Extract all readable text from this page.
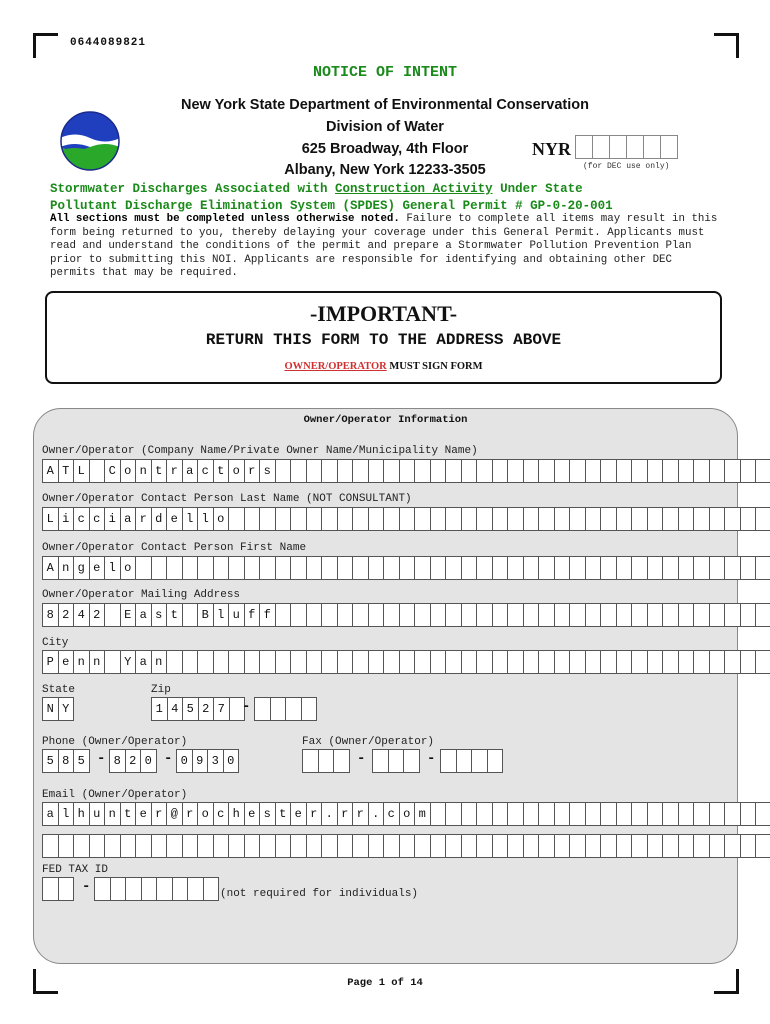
0644089821
NOTICE OF INTENT
New York State Department of Environmental Conservation
Division of Water
625 Broadway, 4th Floor
Albany, New York 12233-3505
NYR
(for DEC use only)
Stormwater Discharges Associated with Construction Activity Under State
Pollutant Discharge Elimination System (SPDES) General Permit # GP-0-20-001
All sections must be completed unless otherwise noted. Failure to complete all items may result in this form being returned to you, thereby delaying your coverage under this General Permit. Applicants must read and understand the conditions of the permit and prepare a Stormwater Pollution Prevention Plan prior to submitting this NOI. Applicants are responsible for identifying and obtaining other DEC permits that may be required.
-IMPORTANT-
RETURN THIS FORM TO THE ADDRESS ABOVE
OWNER/OPERATOR MUST SIGN FORM
Owner/Operator Information
Owner/Operator (Company Name/Private Owner Name/Municipality Name)
A T L	C o n t r a c t o r s
Owner/Operator Contact Person Last Name (NOT CONSULTANT)
L i c c i a r d e l l o
Owner/Operator Contact Person First Name
A n g e l o
Owner/Operator Mailing Address
8 2 4 2	E a s t	B l u f f
City
P e n n	Y a n
State
N Y
Zip
1 4 5 2 7	-
Phone (Owner/Operator)
5 8 5 - 8 2 0 - 0 9 3 0
Fax (Owner/Operator)
-	-
Email (Owner/Operator)
a l h u n t e r @ r o c h e s t e r . r r . c o m
FED TAX ID
-	(not required for individuals)
Page 1 of 14
